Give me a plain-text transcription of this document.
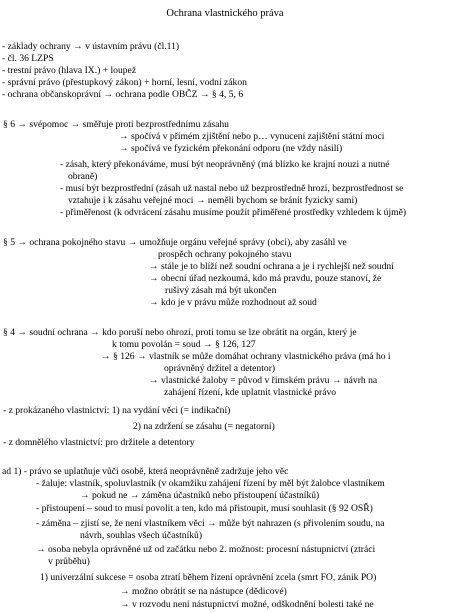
Ochrana vlastnického práva
- základy ochrany → v ústavním právu (čl.11)
- čl. 36 LZPS
- trestní právo (hlava IX.) + loupež
- správní právo (přestupkový zákon) + horní, lesní, vodní zákon
- ochrana občanskoprávní → ochrana podle OBČZ → § 4, 5, 6
§ 6 → svépomoc → směřuje proti bezprostřednímu zásahu
→ spočívá v přímém zjištění nebo p… vynucení zajištění státní moci
→ spočívá ve fyzickém překonání odporu (ne vždy násilí)
- zásah, který překonáváme, musí být neoprávněný (má blízko ke krajní nouzi a nutné
obraně)
- musí být bezprostřední (zásah už nastal nebo už bezprostředně hrozí, bezprostřednost se
vztahuje i k zásahu veřejné moci → neměli bychom se bránit fyzicky sami)
- přiměřenost (k odvrácení zásahu musíme použít přiměřené prostředky vzhledem k újmě)
§ 5 → ochrana pokojného stavu → umožňuje orgánu veřejné správy (obci), aby zasáhl ve
prospěch ochrany pokojného stavu
→ stále je to blíží než soudní ochrana a je i rychlejší než soudní
→ obecní úřad nezkoumá, kdo má pravdu, pouze stanoví, že
rušivý zásah má být ukončen
→ kdo je v právu může rozhodnout až soud
§ 4 → soudní ochrana → kdo poruší nebo ohrozí, proti tomu se lze obrátit na orgán, který je
k tomu povolán = soud → § 126, 127
→ § 126 → vlastník se může domáhat ochrany vlastnického práva (má ho i
oprávněný držitel a detentor)
→ vlastnické žaloby = původ v římském právu → návrh na
zahájení řízení, kde uplatnit vlastnické právo
- z prokázaného vlastnictví: 1) na vydání věci (= indikační)
2) na zdržení se zásahu (= negatorní)
- z domnělého vlastnictví: pro držitele a detentory
ad 1) - právo se uplatňuje vůči osobě, která neoprávněně zadržuje jeho věc
- žaluje: vlastník, spoluvlastník (v okamžiku zahájení řízení by měl být žalobce vlastníkem
→ pokud ne → záměna účastníků nebo přistoupení účastníků)
- přistoupení – soud to musí povolit a ten, kdo má přistoupit, musí souhlasit (§ 92 OSŘ)
- záměna – zjistí se, že není vlastníkem věci → může být nahrazen (s přivolením soudu, na
návrh, souhlas všech účastníků)
→ osoba nebyla oprávněné už od začátku nebo 2. možnost: procesní nástupnictví (ztráci
v průběhu)
1) univerzální sukcese = osoba ztratí během řízení oprávnění zcela (smrt FO, zánik PO)
→ možno obrátit se na nástupce (dědicové)
→ v rozvodu není nástupnictví možné, odškodnění bolesti také ne
